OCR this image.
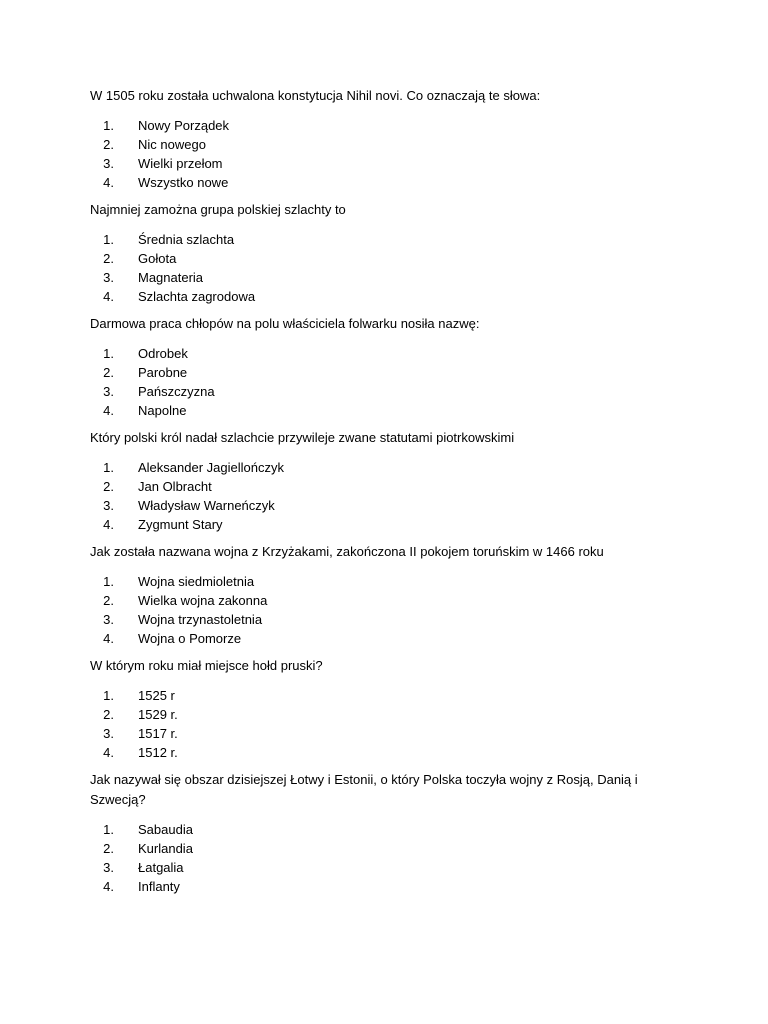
W 1505 roku została uchwalona konstytucja Nihil novi. Co oznaczają te słowa:

1. Nowy Porządek
2. Nic nowego
3. Wielki przełom
4. Wszystko nowe

Najmniej zamożna grupa polskiej szlachty to

1. Średnia szlachta
2. Gołota
3. Magnateria
4. Szlachta zagrodowa

Darmowa praca chłopów na polu właściciela folwarku nosiła nazwę:

1. Odrobek
2. Parobne
3. Pańszczyzna
4. Napolne

Który polski król nadał szlachcie przywileje zwane statutami piotrkowskimi

1. Aleksander Jagiellończyk
2. Jan Olbracht
3. Władysław Warneńczyk
4. Zygmunt Stary

Jak została nazwana wojna z Krzyżakami, zakończona II pokojem toruńskim w 1466 roku

1. Wojna siedmioletnia
2. Wielka wojna zakonna
3. Wojna trzynastoletnia
4. Wojna o Pomorze

W którym roku miał miejsce hołd pruski?

1. 1525 r
2. 1529 r.
3. 1517 r.
4. 1512 r.

Jak nazywał się obszar dzisiejszej Łotwy i Estonii, o który Polska toczyła wojny z Rosją, Danią i Szwecją?

1. Sabaudia
2. Kurlandia
3. Łatgalia
4. Inflanty
